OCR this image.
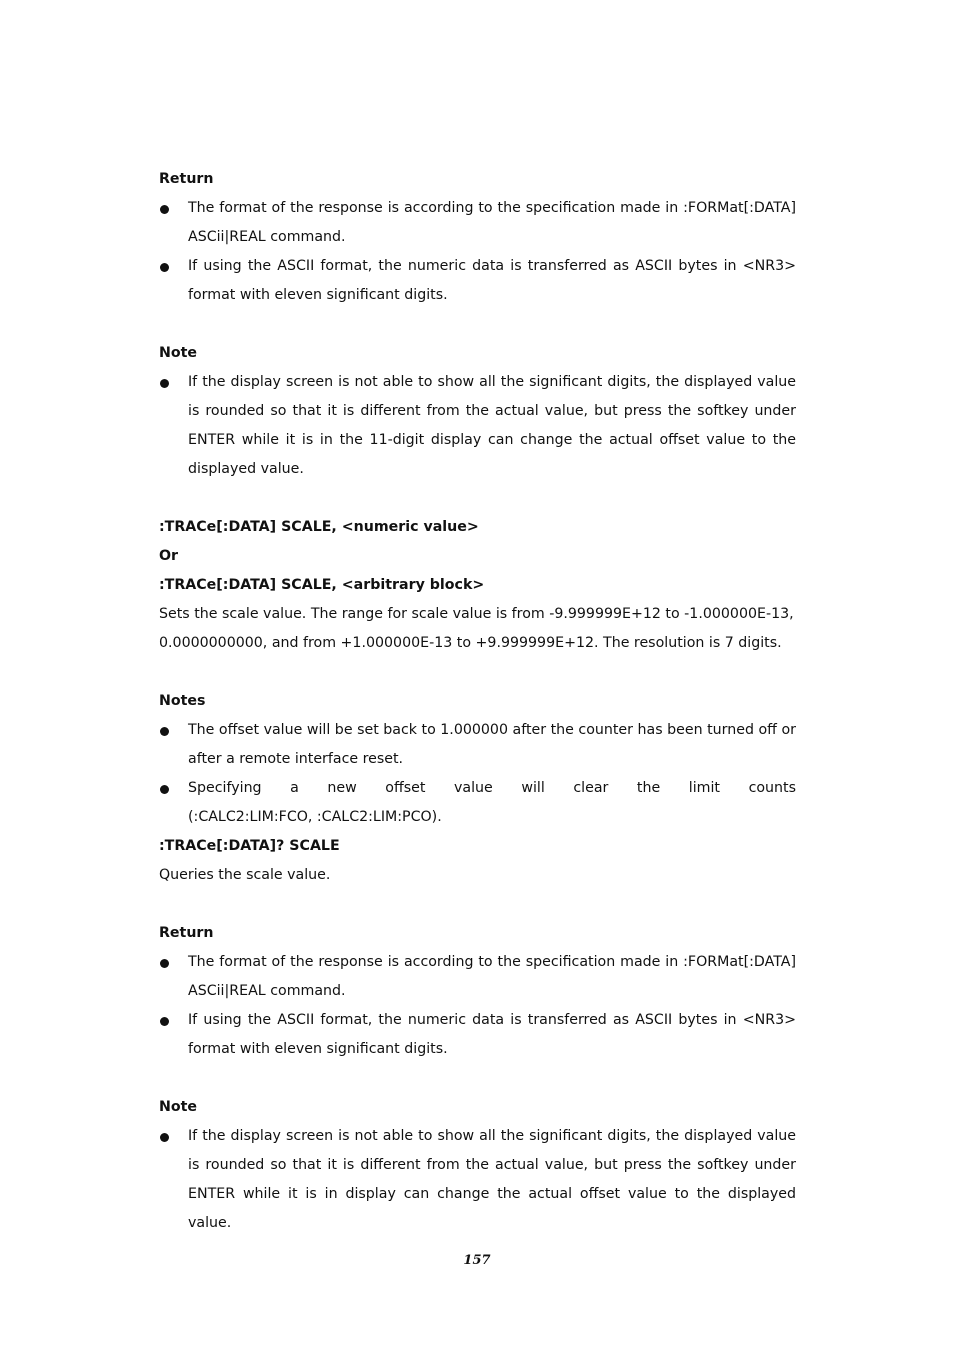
Return

The format of the response is according to the specification made in :FORMat[:DATA]
ASCii|REAL command.
If using the ASCII format, the numeric data is transferred as ASCII bytes in <NR3>
format with eleven significant digits.

Note

If the display screen is not able to show all the significant digits, the displayed value is rounded so that it is different from the actual value, but press the softkey under ENTER while it is in the 11-digit display can change the actual offset value to the displayed value.

:TRACe[:DATA] SCALE, <numeric value>

Or

:TRACe[:DATA] SCALE, <arbitrary block>

Sets the scale value. The range for scale value is from -9.999999E+12 to -1.000000E-13,

0.0000000000, and from +1.000000E-13 to +9.999999E+12. The resolution is 7 digits.

Notes

The offset value will be set back to 1.000000 after the counter has been turned off or
after a remote interface reset.
Specifying a new offset value will clear the limit counts
(:CALC2:LIM:FCO, :CALC2:LIM:PCO).

:TRACe[:DATA]? SCALE

Queries the scale value.

Return

The format of the response is according to the specification made in :FORMat[:DATA]
ASCii|REAL command.
If using the ASCII format, the numeric data is transferred as ASCII bytes in <NR3>
format with eleven significant digits.

Note

If the display screen is not able to show all the significant digits, the displayed value is rounded so that it is different from the actual value, but press the softkey under ENTER while it is in display can change the actual offset value to the displayed value.
157
